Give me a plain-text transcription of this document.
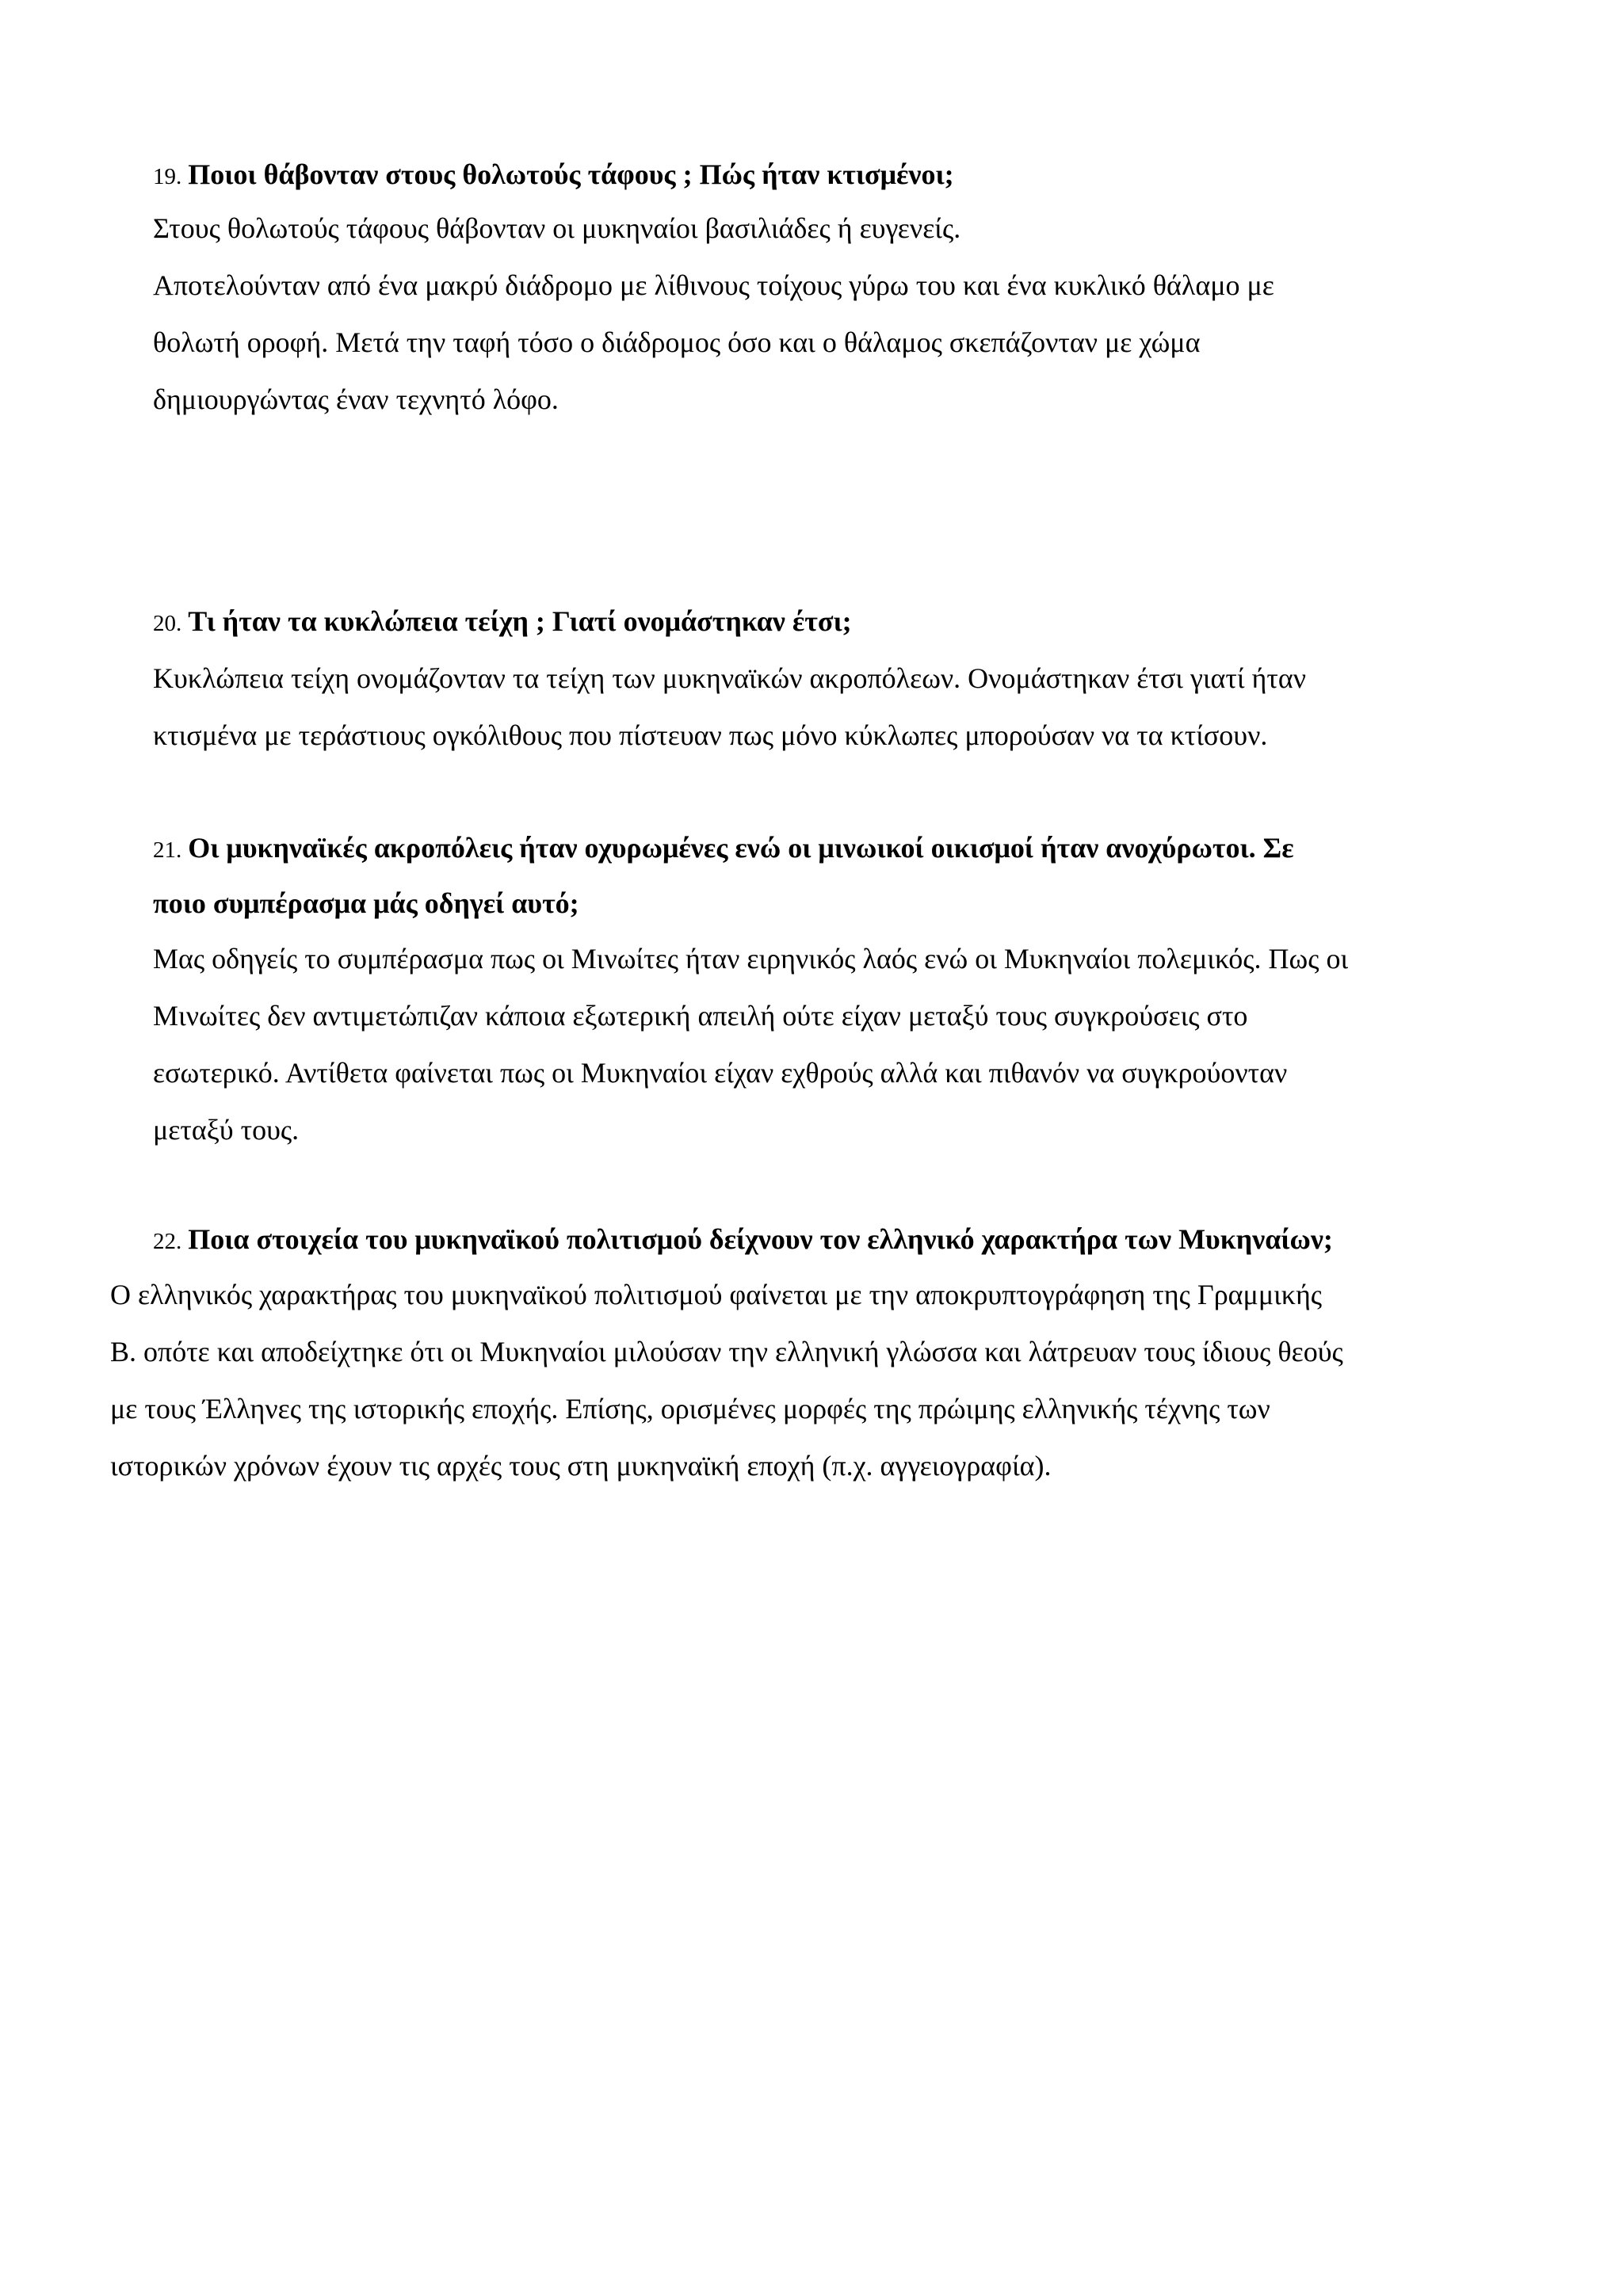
19. Ποιοι θάβονταν στους θολωτούς τάφους ; Πώς ήταν κτισμένοι;
Στους θολωτούς τάφους θάβονταν οι μυκηναίοι βασιλιάδες ή ευγενείς.
Αποτελούνταν από ένα μακρύ διάδρομο με λίθινους τοίχους γύρω του και ένα κυκλικό θάλαμο με
θολωτή οροφή. Μετά την ταφή τόσο ο διάδρομος όσο και ο θάλαμος σκεπάζονταν με χώμα
δημιουργώντας έναν τεχνητό λόφο.
20. Τι ήταν τα κυκλώπεια τείχη ; Γιατί ονομάστηκαν έτσι;
Κυκλώπεια τείχη ονομάζονταν τα τείχη των μυκηναϊκών ακροπόλεων. Ονομάστηκαν έτσι γιατί ήταν
κτισμένα με τεράστιους ογκόλιθους που πίστευαν πως μόνο κύκλωπες μπορούσαν να τα κτίσουν.
21. Οι μυκηναϊκές ακροπόλεις ήταν οχυρωμένες ενώ οι μινωικοί οικισμοί ήταν ανοχύρωτοι. Σε
ποιο συμπέρασμα μάς οδηγεί αυτό;
Μας οδηγείς το συμπέρασμα πως οι Μινωίτες ήταν ειρηνικός λαός ενώ οι Μυκηναίοι πολεμικός. Πως οι
Μινωίτες δεν αντιμετώπιζαν κάποια εξωτερική απειλή ούτε είχαν μεταξύ τους συγκρούσεις στο
εσωτερικό. Αντίθετα φαίνεται πως οι Μυκηναίοι είχαν εχθρούς αλλά και πιθανόν να συγκρούονταν
μεταξύ τους.
22. Ποια στοιχεία του μυκηναϊκού πολιτισμού δείχνουν τον ελληνικό χαρακτήρα των Μυκηναίων;
Ο ελληνικός χαρακτήρας του μυκηναϊκού πολιτισμού φαίνεται με την αποκρυπτογράφηση της Γραμμικής
Β. οπότε και αποδείχτηκε ότι οι Μυκηναίοι μιλούσαν την ελληνική γλώσσα και λάτρευαν τους ίδιους θεούς
με τους Έλληνες της ιστορικής εποχής. Επίσης, ορισμένες μορφές της πρώιμης ελληνικής τέχνης των
ιστορικών χρόνων έχουν τις αρχές τους στη μυκηναϊκή εποχή (π.χ. αγγειογραφία).
